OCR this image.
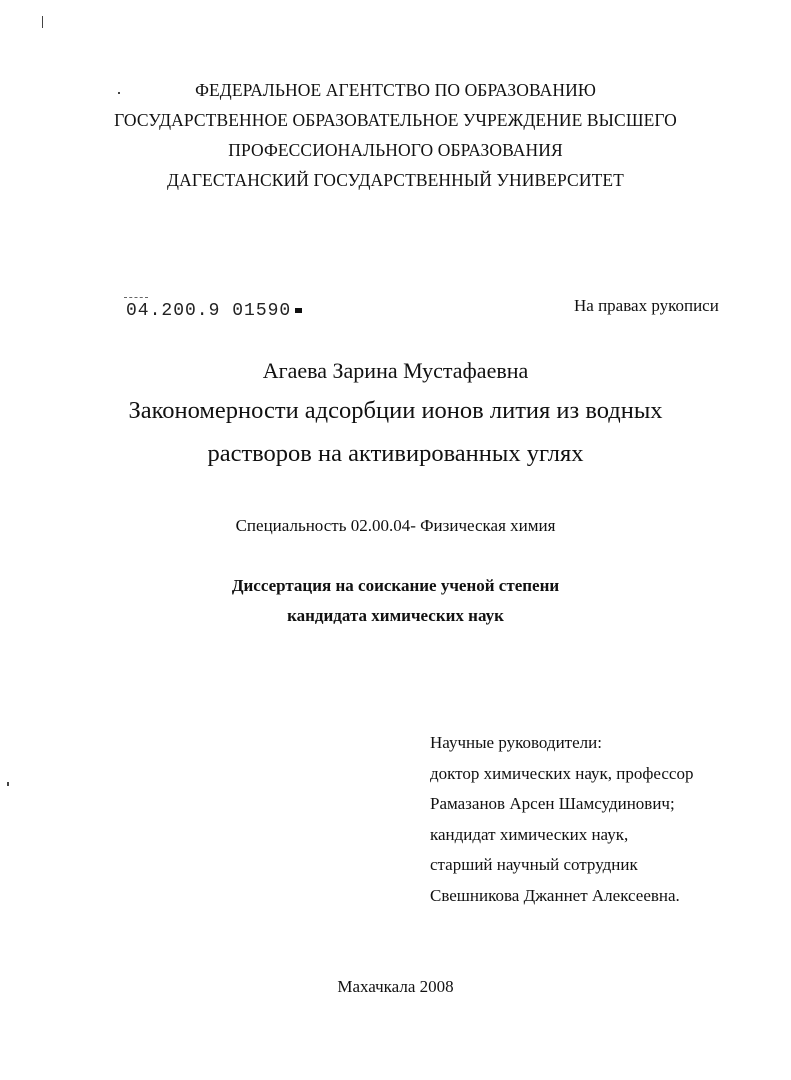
ФЕДЕРАЛЬНОЕ АГЕНТСТВО ПО ОБРАЗОВАНИЮ
ГОСУДАРСТВЕННОЕ ОБРАЗОВАТЕЛЬНОЕ УЧРЕЖДЕНИЕ ВЫСШЕГО
ПРОФЕССИОНАЛЬНОГО ОБРАЗОВАНИЯ
ДАГЕСТАНСКИЙ ГОСУДАРСТВЕННЫЙ УНИВЕРСИТЕТ
04.200.9 01590	На правах рукописи
Агаева Зарина Мустафаевна
Закономерности адсорбции ионов лития из водных
растворов на активированных углях
Специальность 02.00.04- Физическая химия
Диссертация на соискание ученой степени
кандидата химических наук
Научные руководители:
доктор химических наук, профессор
Рамазанов Арсен Шамсудинович;
кандидат химических наук,
старший научный сотрудник
Свешникова Джаннет Алексеевна.
Махачкала 2008
